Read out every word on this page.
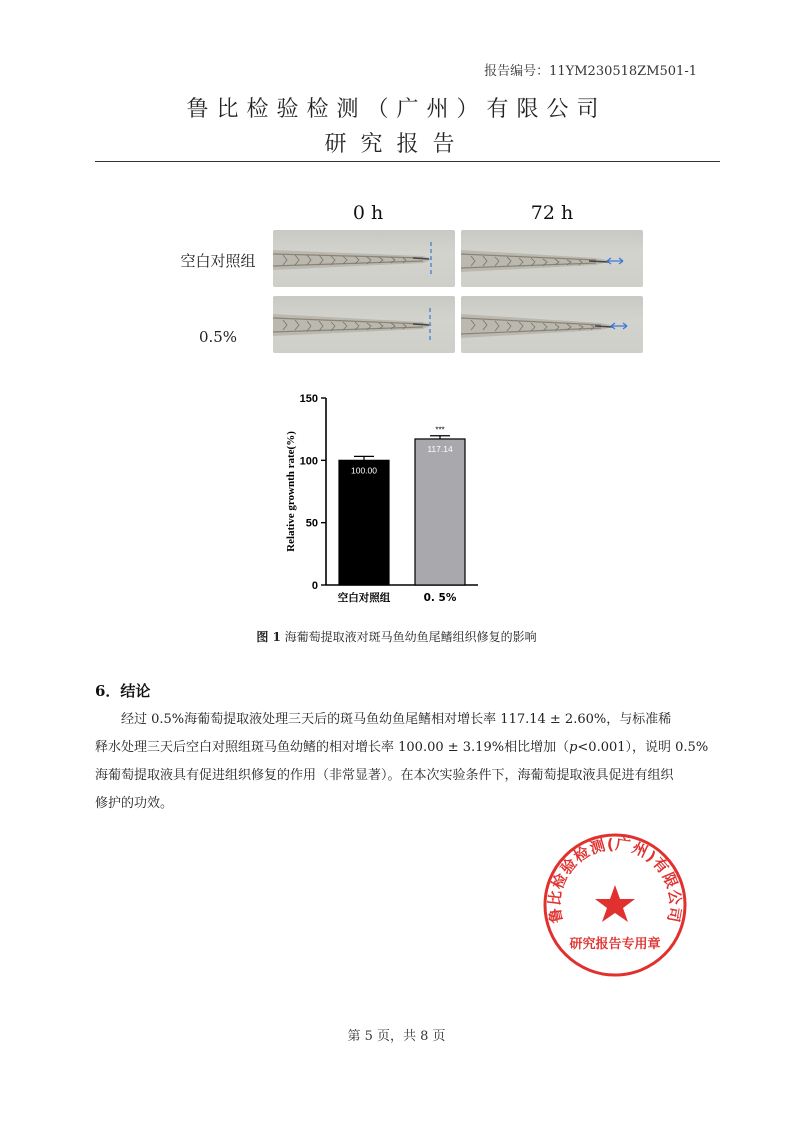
报告编号：11YM230518ZM501-1
鲁比检验检测（广州）有限公司
研究报告
0 h	72 h
空白对照组
0.5%
0
50
100
150
Relative grownth rate(%)	100.00
空白对照组
117.14
***
0. 5%
图 1 海葡萄提取液对斑马鱼幼鱼尾鳍组织修复的影响
6．结论
经过 0.5%海葡萄提取液处理三天后的斑马鱼幼鱼尾鳍相对增长率 117.14 ± 2.60%，与标准稀
释水处理三天后空白对照组斑马鱼幼鳍的相对增长率 100.00 ± 3.19%相比增加（p<0.001），说明 0.5%
海葡萄提取液具有促进组织修复的作用（非常显著）。在本次实验条件下，海葡萄提取液具促进有组织
修护的功效。
鲁比检验检测(广州)有限公司
研究报告专用章
第 5 页，共 8 页
